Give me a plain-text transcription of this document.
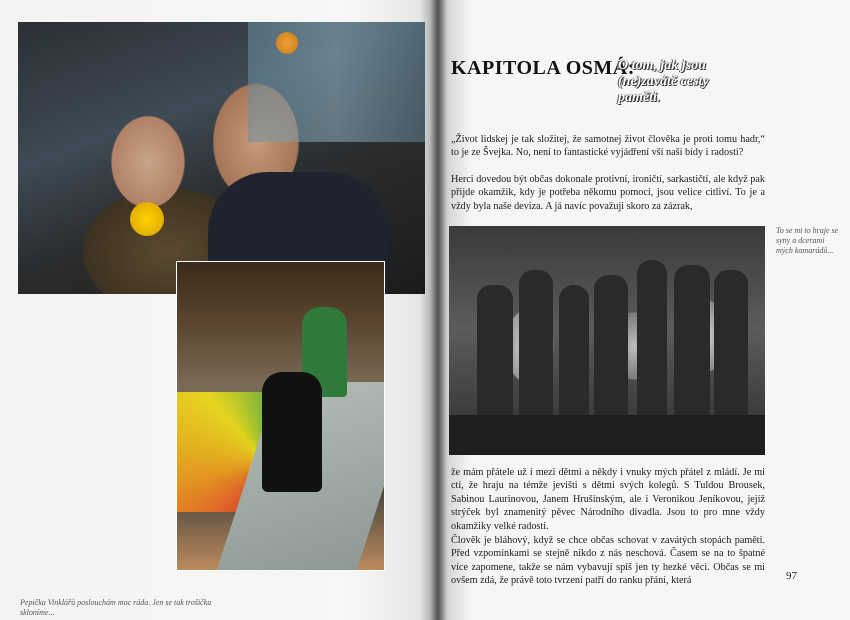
Pepička Vinklářů poslouchám moc ráda. Jen se tak trošičku skloníme...
KAPITOLA OSMÁ:
O tom, jak jsou (ne)zavátě cesty paměti.

„Život lidskej je tak složitej, že samotnej život člověka je proti tomu hadr,“ to je ze Švejka. No, není to fantastické vyjádření vší naší bídy i radosti?

Herci dovedou být občas dokonale protivní, ironičtí, sarkastičtí, ale když pak přijde okamžik, kdy je potřeba někomu pomoci, jsou velice citliví. To je a vždy byla naše deviza. A já navíc považuji skoro za zázrak,

To se mi to hraje se syny a dcerami mých kamarádů...

že mám přátele už i mezi dětmi a někdy i vnuky mých přátel z mládí. Je mi ctí, že hraju na témže jevišti s dětmi svých kolegů. S Tuldou Brousek, Sabinou Laurinovou, Janem Hrušínským, ale i Veronikou Jeníkovou, jejíž strýček byl znamenitý pěvec Národního divadla. Jsou to pro mne vždy okamžiky velké radosti.

Člověk je bláhový, když se chce občas schovat v zavátých stopách paměti. Před vzpomínkami se stejně nikdo z nás neschová. Časem se na to špatné více zapomene, takže se nám vybavují spíš jen ty hezké věci. Občas se mi ovšem zdá, že právě toto tvrzení patří do ranku přání, která	97
